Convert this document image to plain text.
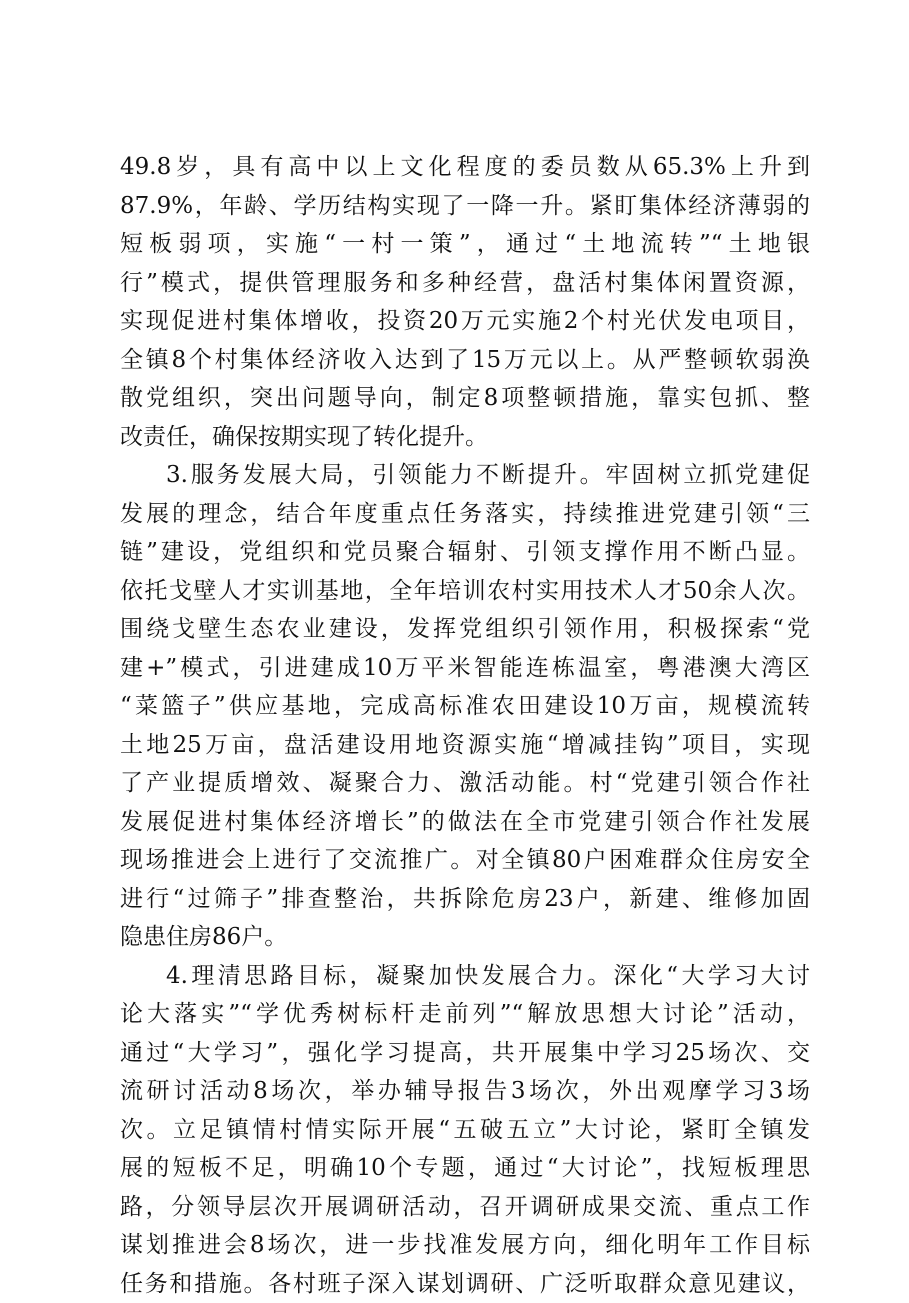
49.8岁，具有高中以上文化程度的委员数从65.3%上升到
87.9%，年龄、学历结构实现了一降一升。紧盯集体经济薄弱的
短板弱项，实施“一村一策”，通过“土地流转”“土地银
行”模式，提供管理服务和多种经营，盘活村集体闲置资源，
实现促进村集体增收，投资20万元实施2个村光伏发电项目，
全镇8个村集体经济收入达到了15万元以上。从严整顿软弱涣
散党组织，突出问题导向，制定8项整顿措施，靠实包抓、整
改责任，确保按期实现了转化提升。
3.服务发展大局，引领能力不断提升。牢固树立抓党建促
发展的理念，结合年度重点任务落实，持续推进党建引领“三
链”建设，党组织和党员聚合辐射、引领支撑作用不断凸显。
依托戈壁人才实训基地，全年培训农村实用技术人才50余人次。
围绕戈壁生态农业建设，发挥党组织引领作用，积极探索“党
建+”模式，引进建成10万平米智能连栋温室，粤港澳大湾区
“菜篮子”供应基地，完成高标准农田建设10万亩，规模流转
土地25万亩，盘活建设用地资源实施“增减挂钩”项目，实现
了产业提质增效、凝聚合力、激活动能。村“党建引领合作社
发展促进村集体经济增长”的做法在全市党建引领合作社发展
现场推进会上进行了交流推广。对全镇80户困难群众住房安全
进行“过筛子”排查整治，共拆除危房23户，新建、维修加固
隐患住房86户。
4.理清思路目标，凝聚加快发展合力。深化“大学习大讨
论大落实”“学优秀树标杆走前列”“解放思想大讨论”活动，
通过“大学习”，强化学习提高，共开展集中学习25场次、交
流研讨活动8场次，举办辅导报告3场次，外出观摩学习3场
次。立足镇情村情实际开展“五破五立”大讨论，紧盯全镇发
展的短板不足，明确10个专题，通过“大讨论”，找短板理思
路，分领导层次开展调研活动，召开调研成果交流、重点工作
谋划推进会8场次，进一步找准发展方向，细化明年工作目标
任务和措施。各村班子深入谋划调研、广泛听取群众意见建议，
